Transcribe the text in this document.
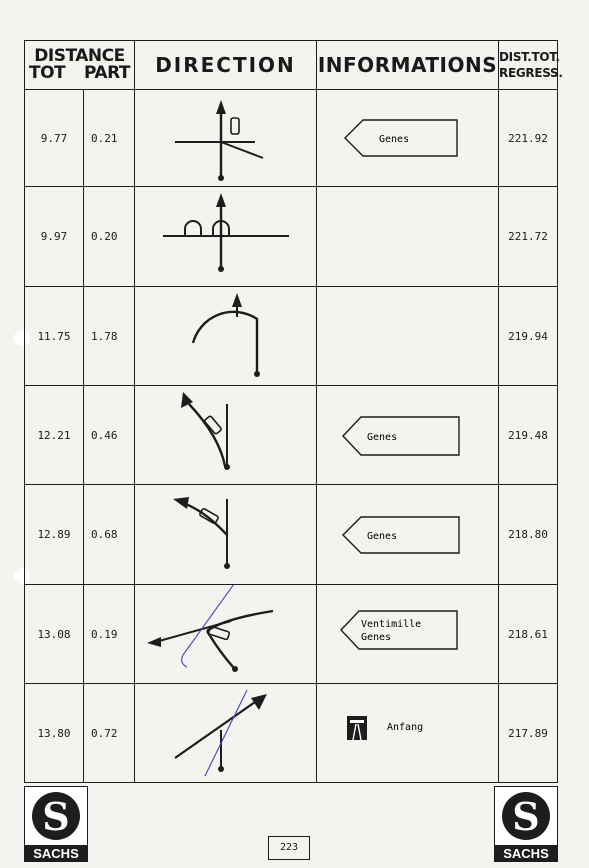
DISTANCE
TOT PART		DIRECTION	INFORMATIONS	DIST.TOT.
REGRESS.
9.77	0.21		Genes	221.92
9.97	0.20			221.72
11.75	1.78			219.94
12.21	0.46		Genes	219.48
12.89	0.68		Genes	218.80
13.08	0.19		Ventimille
Genes	218.61
13.80	0.72		Anfang	217.89
S
SACHS
S
SACHS
223
